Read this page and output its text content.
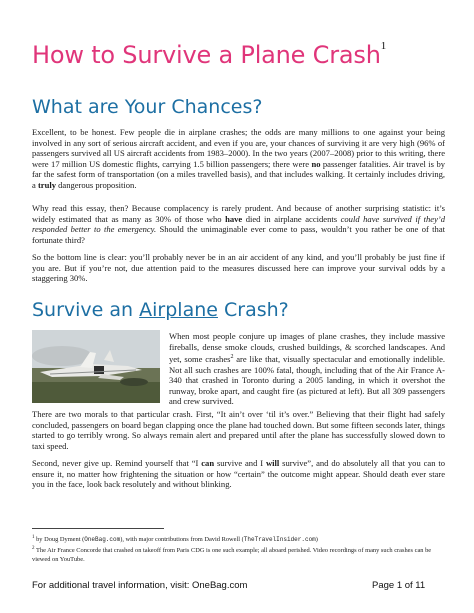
How to Survive a Plane Crash$^1$
What are Your Chances?

Excellent, to be honest. Few people die in airplane crashes; the odds are many millions to one against your being involved in any sort of serious aircraft accident, and even if you are, your chances of surviving it are very high (96% of passengers survived all US aircraft accidents from 1983–2000). In the two years (2007–2008) prior to this writing, there were 17 million US domestic flights, carrying 1.5 billion passengers; there were no passenger fatalities. Air travel is by far the safest form of transportation (on a miles travelled basis), and that includes walking. It certainly includes driving, a truly dangerous proposition.

Why read this essay, then? Because complacency is rarely prudent. And because of another surprising statistic: it’s widely estimated that as many as 30% of those who have died in airplane accidents could have survived if they’d responded better to the emergency. Should the unimaginable ever come to pass, wouldn’t you rather be one of that fortunate third?

So the bottom line is clear: you’ll probably never be in an air accident of any kind, and you’ll probably be just fine if you are. But if you’re not, due attention paid to the measures discussed here can improve your survival odds by a staggering 30%.

Survive an Airplane Crash?

When most people conjure up images of plane crashes, they include massive fireballs, dense smoke clouds, crushed buildings, & scorched landscapes. And yet, some crashes$^2$ are like that, visually spectacular and emotionally indelible. Not all such crashes are 100% fatal, though, including that of the Air France A-340 that crashed in Toronto during a 2005 landing, in which it overshot the runway, broke apart, and caught fire (as pictured at left). But all 309 passengers and crew survived.

There are two morals to that particular crash. First, “It ain’t over ‘til it’s over.” Believing that their flight had safely concluded, passengers on board began clapping once the plane had touched down. But some fifteen seconds later, things started to go terribly wrong. So always remain alert and prepared until after the plane has successfully slowed down to taxi speed.

Second, never give up. Remind yourself that “I can survive and I will survive”, and do absolutely all that you can to ensure it, no matter how frightening the situation or how “certain” the outcome might appear. Should death ever stare you in the face, look back resolutely and without blinking.

$^1$ by Doug Dyment (OneBag.com), with major contributions from David Rowell (TheTravelInsider.com)

$^2$ The Air France Concorde that crashed on takeoff from Paris CDG is one such example; all aboard perished. Video recordings of many such crashes can be viewed on YouTube.

For additional travel information, visit: OneBag.com	Page 1 of 11
